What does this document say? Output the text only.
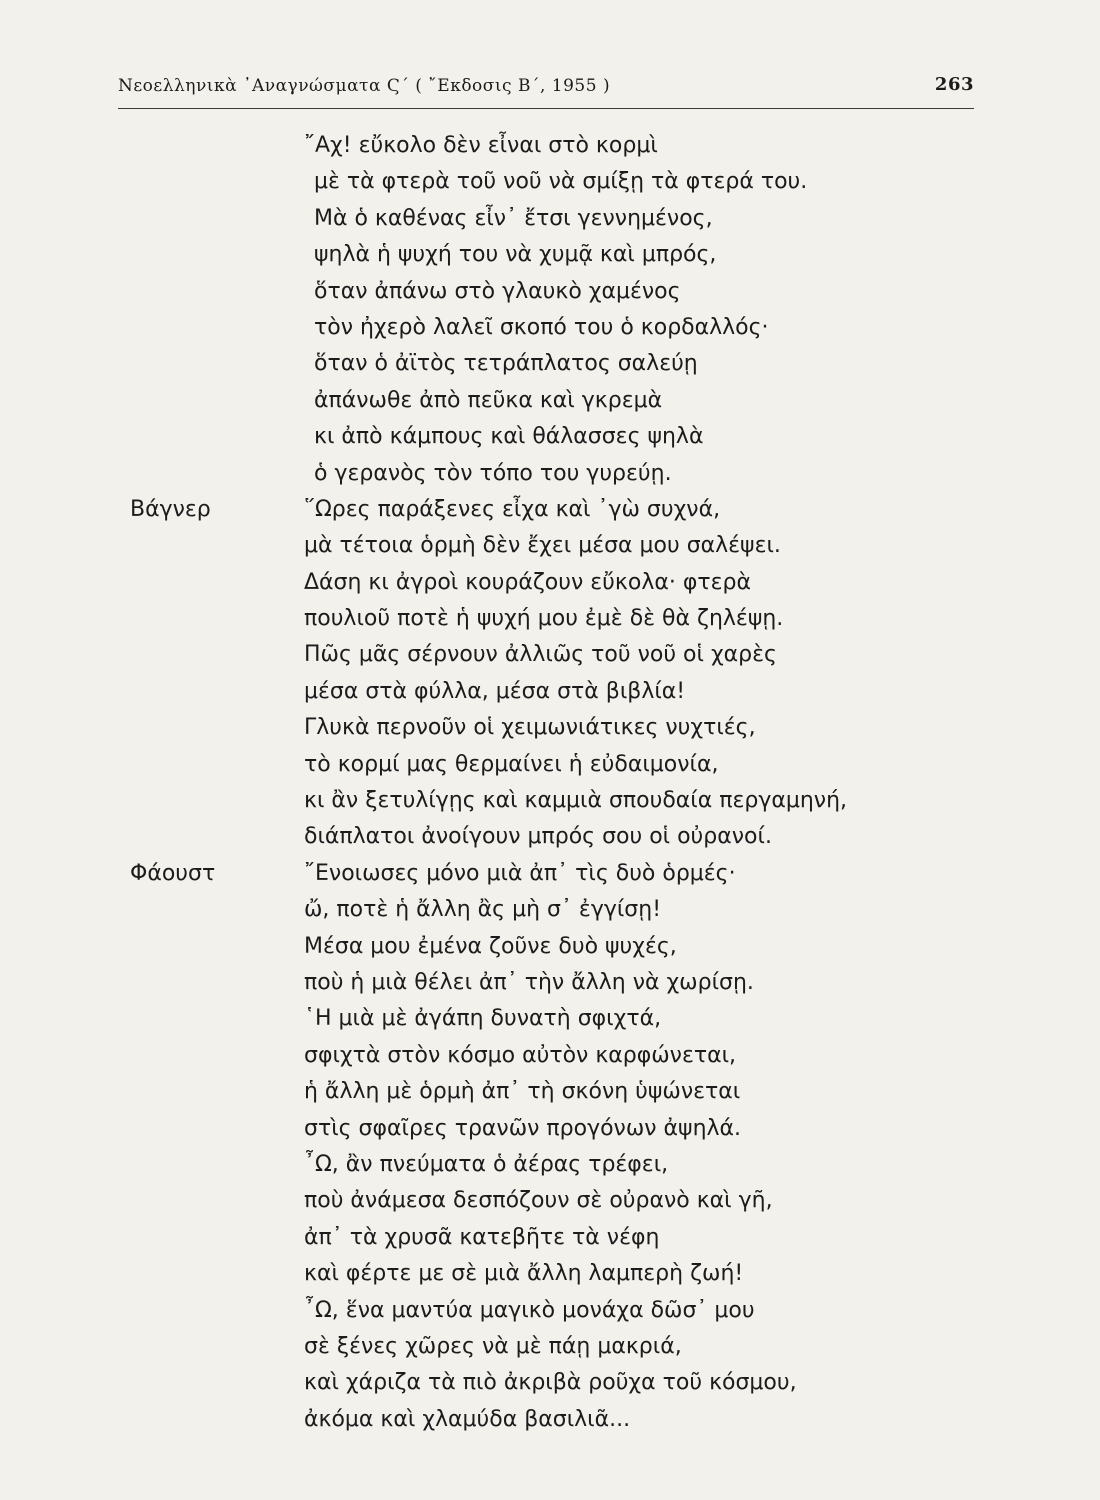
Νεοελληνικὰ ᾿Αναγνώσματα Ϛ´ ( ῎Εκδοσις Β´, 1955 )	263
῎Αχ! εὔκολο δὲν εἶναι στὸ κορμὶ
μὲ τὰ φτερὰ τοῦ νοῦ νὰ σμίξῃ τὰ φτερά του.
Μὰ ὁ καθένας εἶν᾿ ἔτσι γεννημένος,
ψηλὰ ἡ ψυχή του νὰ χυμᾷ καὶ μπρός,
ὅταν ἀπάνω στὸ γλαυκὸ χαμένος
τὸν ἠχερὸ λαλεῖ σκοπό του ὁ κορδαλλός·
ὅταν ὁ ἀϊτὸς τετράπλατος σαλεύῃ
ἀπάνωθε ἀπὸ πεῦκα καὶ γκρεμὰ
κι ἀπὸ κάμπους καὶ θάλασσες ψηλὰ
ὁ γερανὸς τὸν τόπο του γυρεύῃ.
Βάγνερ	῞Ωρες παράξενες εἶχα καὶ ᾿γὼ συχνά,
μὰ τέτοια ὁρμὴ δὲν ἔχει μέσα μου σαλέψει.
Δάση κι ἀγροὶ κουράζουν εὔκολα· φτερὰ
πουλιοῦ ποτὲ ἡ ψυχή μου ἐμὲ δὲ θὰ ζηλέψῃ.
Πῶς μᾶς σέρνουν ἀλλιῶς τοῦ νοῦ οἱ χαρὲς
μέσα στὰ φύλλα, μέσα στὰ βιβλία!
Γλυκὰ περνοῦν οἱ χειμωνιάτικες νυχτιές,
τὸ κορμί μας θερμαίνει ἡ εὐδαιμονία,
κι ἂν ξετυλίγῃς καὶ καμμιὰ σπουδαία περγαμηνή,
διάπλατοι ἀνοίγουν μπρός σου οἱ οὐρανοί.
Φάουστ	῎Ενοιωσες μόνο μιὰ ἀπ᾿ τὶς δυὸ ὁρμές·
ὤ, ποτὲ ἡ ἄλλη ἂς μὴ σ᾿ ἐγγίσῃ!
Μέσα μου ἐμένα ζοῦνε δυὸ ψυχές,
ποὺ ἡ μιὰ θέλει ἀπ᾿ τὴν ἄλλη νὰ χωρίσῃ.
῾Η μιὰ μὲ ἀγάπη δυνατὴ σφιχτά,
σφιχτὰ στὸν κόσμο αὐτὸν καρφώνεται,
ἡ ἄλλη μὲ ὁρμὴ ἀπ᾿ τὴ σκόνη ὑψώνεται
στὶς σφαῖρες τρανῶν προγόνων ἀψηλά.
῏Ω, ἂν πνεύματα ὁ ἀέρας τρέφει,
ποὺ ἀνάμεσα δεσπόζουν σὲ οὐρανὸ καὶ γῆ,
ἀπ᾿ τὰ χρυσᾶ κατεβῆτε τὰ νέφη
καὶ φέρτε με σὲ μιὰ ἄλλη λαμπερὴ ζωή!
῏Ω, ἕνα μαντύα μαγικὸ μονάχα δῶσ᾿ μου
σὲ ξένες χῶρες νὰ μὲ πάῃ μακριά,
καὶ χάριζα τὰ πιὸ ἀκριβὰ ροῦχα τοῦ κόσμου,
ἀκόμα καὶ χλαμύδα βασιλιᾶ...
